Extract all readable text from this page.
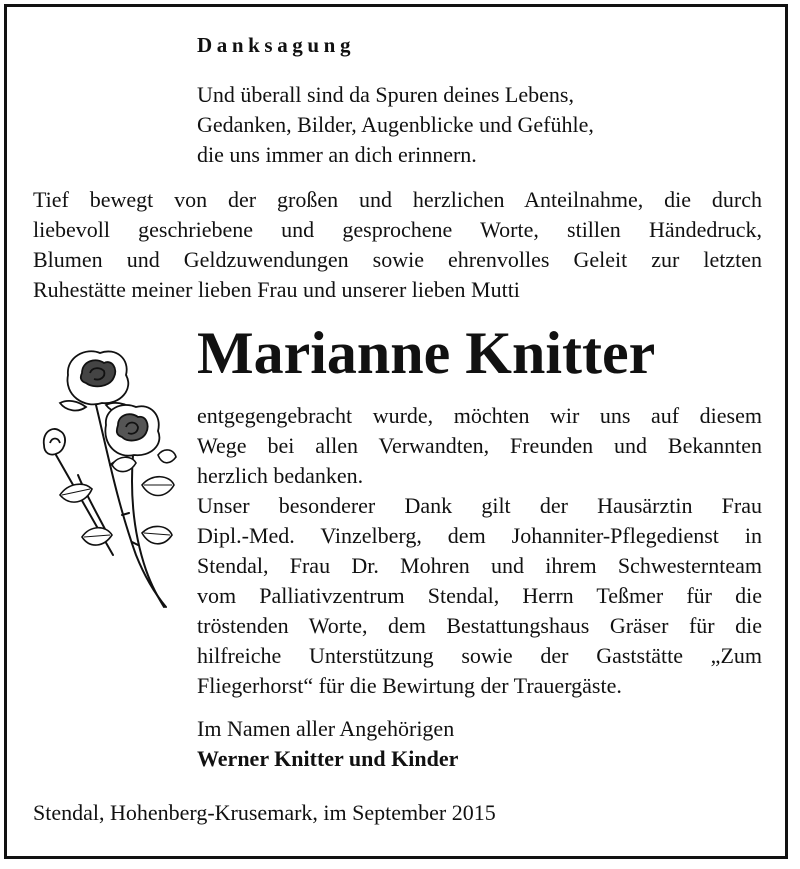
Danksagung
Und überall sind da Spuren deines Lebens,
Gedanken, Bilder, Augenblicke und Gefühle,
die uns immer an dich erinnern.
Tief bewegt von der großen und herzlichen Anteilnahme, die durch
liebevoll geschriebene und gesprochene Worte, stillen Händedruck,
Blumen und Geldzuwendungen sowie ehrenvolles Geleit zur letzten
Ruhestätte meiner lieben Frau und unserer lieben Mutti
Marianne Knitter
entgegengebracht wurde, möchten wir uns auf diesem
Wege bei allen Verwandten, Freunden und Bekannten
herzlich bedanken.
Unser besonderer Dank gilt der Hausärztin Frau
Dipl.-Med. Vinzelberg, dem Johanniter-Pflegedienst in
Stendal, Frau Dr. Mohren und ihrem Schwesternteam
vom Palliativzentrum Stendal, Herrn Teßmer für die
tröstenden Worte, dem Bestattungshaus Gräser für die
hilfreiche Unterstützung sowie der Gaststätte „Zum
Fliegerhorst“ für die Bewirtung der Trauergäste.
Im Namen aller Angehörigen
Werner Knitter und Kinder
Stendal, Hohenberg-Krusemark, im September 2015
